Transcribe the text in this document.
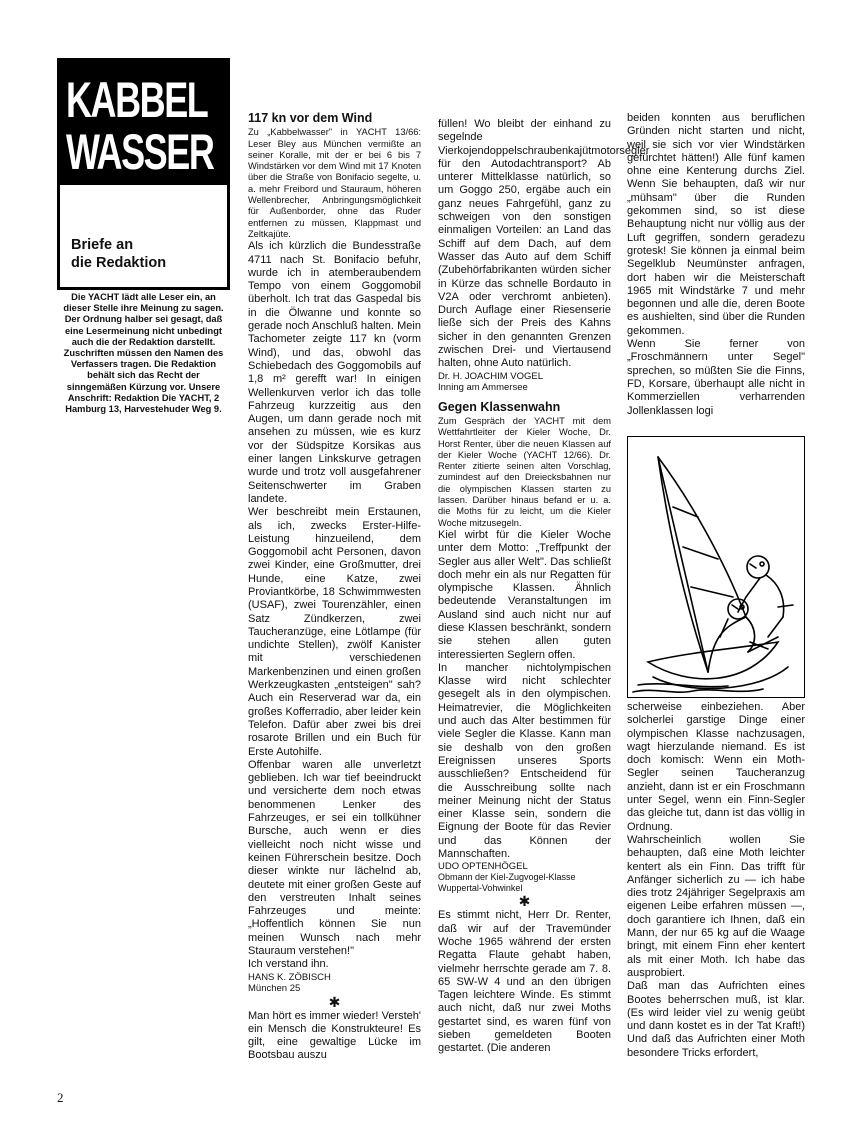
KABBEL
WASSER
Briefe an
die Redaktion
Die YACHT lädt alle Leser ein, an dieser Stelle ihre Meinung zu sagen. Der Ordnung halber sei gesagt, daß eine Lesermeinung nicht unbedingt auch die der Redaktion darstellt. Zuschriften müssen den Namen des Verfassers tragen. Die Redaktion behält sich das Recht der sinngemäßen Kürzung vor. Unsere Anschrift: Redaktion Die YACHT, 2 Hamburg 13, Harvestehuder Weg 9.
117 kn vor dem Wind

Zu „Kabbelwasser" in YACHT 13/66: Leser Bley aus München vermißte an seiner Koralle, mit der er bei 6 bis 7 Windstärken vor dem Wind mit 17 Knoten über die Straße von Bonifacio segelte, u. a. mehr Freibord und Stauraum, höheren Wellenbrecher, Anbringungsmöglichkeit für Außenborder, ohne das Ruder entfernen zu müssen, Klappmast und Zeltkajüte.

Als ich kürzlich die Bundesstraße 4711 nach St. Bonifacio befuhr, wurde ich in atemberaubendem Tempo von einem Goggomobil überholt. Ich trat das Gaspedal bis in die Ölwanne und konnte so gerade noch Anschluß halten. Mein Tachometer zeigte 117 kn (vorm Wind), und das, obwohl das Schiebedach des Goggomobils auf 1,8 m² gerefft war! In einigen Wellenkurven verlor ich das tolle Fahrzeug kurzzeitig aus den Augen, um dann gerade noch mit ansehen zu müssen, wie es kurz vor der Südspitze Korsikas aus einer langen Linkskurve getragen wurde und trotz voll ausgefahrener Seitenschwerter im Graben landete.

Wer beschreibt mein Erstaunen, als ich, zwecks Erster-Hilfe-Leistung hinzueilend, dem Goggomobil acht Personen, davon zwei Kinder, eine Großmutter, drei Hunde, eine Katze, zwei Proviantkörbe, 18 Schwimmwesten (USAF), zwei Tourenzähler, einen Satz Zündkerzen, zwei Taucheranzüge, eine Lötlampe (für undichte Stellen), zwölf Kanister mit verschiedenen Markenbenzinen und einen großen Werkzeugkasten „entsteigen" sah? Auch ein Reserverad war da, ein großes Kofferradio, aber leider kein Telefon. Dafür aber zwei bis drei rosarote Brillen und ein Buch für Erste Autohilfe.

Offenbar waren alle unverletzt geblieben. Ich war tief beeindruckt und versicherte dem noch etwas benommenen Lenker des Fahrzeuges, er sei ein tollkühner Bursche, auch wenn er dies vielleicht noch nicht wisse und keinen Führerschein besitze. Doch dieser winkte nur lächelnd ab, deutete mit einer großen Geste auf den verstreuten Inhalt seines Fahrzeuges und meinte: „Hoffentlich können Sie nun meinen Wunsch nach mehr Stauraum verstehen!"

Ich verstand ihn.

HANS K. ZÖBISCH

München 25

✱

Man hört es immer wieder! Versteh' ein Mensch die Konstrukteure! Es gilt, eine gewaltige Lücke im Bootsbau auszu

füllen! Wo bleibt der einhand zu segelnde Vierkojendoppelschraubenkajütmotorsegler für den Autodachtransport? Ab unterer Mittelklasse natürlich, so um Goggo 250, ergäbe auch ein ganz neues Fahrgefühl, ganz zu schweigen von den sonstigen einmaligen Vorteilen: an Land das Schiff auf dem Dach, auf dem Wasser das Auto auf dem Schiff (Zubehörfabrikanten würden sicher in Kürze das schnelle Bordauto in V2A oder verchromt anbieten). Durch Auflage einer Riesenserie ließe sich der Preis des Kahns sicher in den genannten Grenzen zwischen Drei- und Viertausend halten, ohne Auto natürlich.

Dr. H. JOACHIM VOGEL

Inning am Ammersee

Gegen Klassenwahn

Zum Gespräch der YACHT mit dem Wettfahrtleiter der Kieler Woche, Dr. Horst Renter, über die neuen Klassen auf der Kieler Woche (YACHT 12/66). Dr. Renter zitierte seinen alten Vorschlag, zumindest auf den Dreiecksbahnen nur die olympischen Klassen starten zu lassen. Darüber hinaus befand er u. a. die Moths für zu leicht, um die Kieler Woche mitzusegeln.

Kiel wirbt für die Kieler Woche unter dem Motto: „Treffpunkt der Segler aus aller Welt". Das schließt doch mehr ein als nur Regatten für olympische Klassen. Ähnlich bedeutende Veranstaltungen im Ausland sind auch nicht nur auf diese Klassen beschränkt, sondern sie stehen allen guten interessierten Seglern offen.

In mancher nichtolympischen Klasse wird nicht schlechter gesegelt als in den olympischen. Heimatrevier, die Möglichkeiten und auch das Alter bestimmen für viele Segler die Klasse. Kann man sie deshalb von den großen Ereignissen unseres Sports ausschließen? Entscheidend für die Ausschreibung sollte nach meiner Meinung nicht der Status einer Klasse sein, sondern die Eignung der Boote für das Revier und das Können der Mannschaften.

UDO OPTENHÖGEL

Obmann der Kiel-Zugvogel-Klasse

Wuppertal-Vohwinkel

✱

Es stimmt nicht, Herr Dr. Renter, daß wir auf der Travemünder Woche 1965 während der ersten Regatta Flaute gehabt haben, vielmehr herrschte gerade am 7. 8. 65 SW-W 4 und an den übrigen Tagen leichtere Winde. Es stimmt auch nicht, daß nur zwei Moths gestartet sind, es waren fünf von sieben gemeldeten Booten gestartet. (Die anderen

beiden konnten aus beruflichen Gründen nicht starten und nicht, weil sie sich vor vier Windstärken gefürchtet hätten!) Alle fünf kamen ohne eine Kenterung durchs Ziel. Wenn Sie behaupten, daß wir nur „mühsam" über die Runden gekommen sind, so ist diese Behauptung nicht nur völlig aus der Luft gegriffen, sondern geradezu grotesk! Sie können ja einmal beim Segelklub Neumünster anfragen, dort haben wir die Meisterschaft 1965 mit Windstärke 7 und mehr begonnen und alle die, deren Boote es aushielten, sind über die Runden gekommen.

Wenn Sie ferner von „Froschmännern unter Segel" sprechen, so müßten Sie die Finns, FD, Korsare, überhaupt alle nicht in Kommerziellen verharrenden Jollenklassen logi

scherweise einbeziehen. Aber solcherlei garstige Dinge einer olympischen Klasse nachzusagen, wagt hierzulande niemand. Es ist doch komisch: Wenn ein Moth-Segler seinen Taucheranzug anzieht, dann ist er ein Froschmann unter Segel, wenn ein Finn-Segler das gleiche tut, dann ist das völlig in Ordnung.

Wahrscheinlich wollen Sie behaupten, daß eine Moth leichter kentert als ein Finn. Das trifft für Anfänger sicherlich zu — ich habe dies trotz 24jähriger Segelpraxis am eigenen Leibe erfahren müssen —, doch garantiere ich Ihnen, daß ein Mann, der nur 65 kg auf die Waage bringt, mit einem Finn eher kentert als mit einer Moth. Ich habe das ausprobiert.

Daß man das Aufrichten eines Bootes beherrschen muß, ist klar. (Es wird leider viel zu wenig geübt und dann kostet es in der Tat Kraft!) Und daß das Aufrichten einer Moth besondere Tricks erfordert,

2
